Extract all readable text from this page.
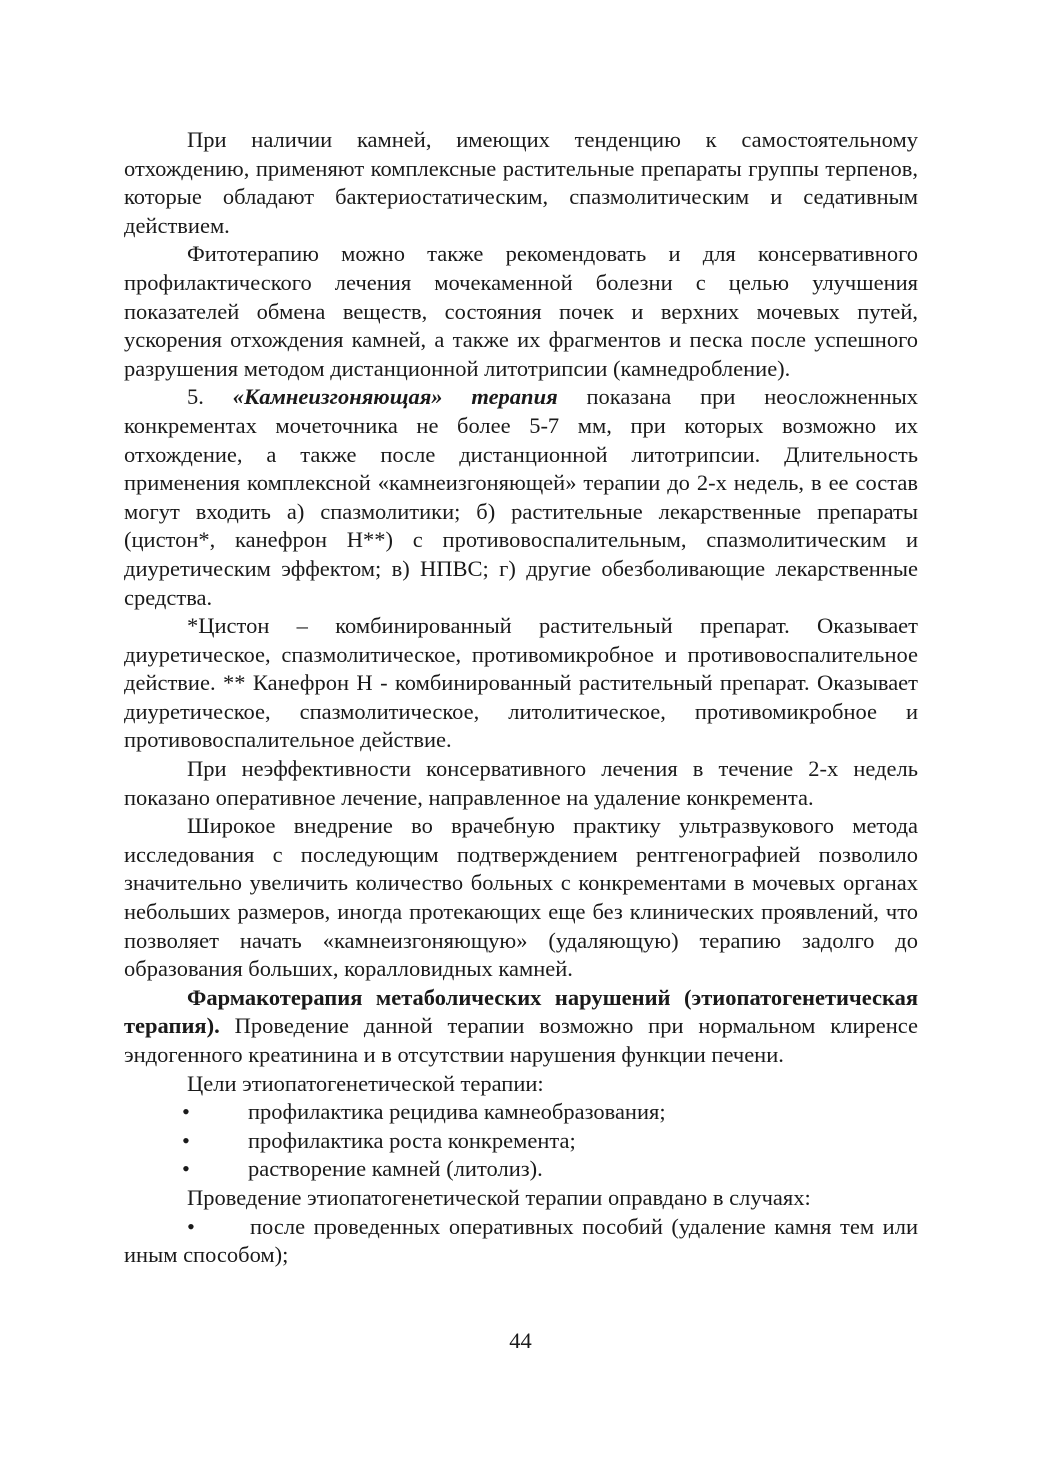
При наличии камней, имеющих тенденцию к самостоятельному отхождению, применяют комплексные растительные препараты группы терпенов, которые обладают бактериостатическим, спазмолитическим и седативным действием.

Фитотерапию можно также рекомендовать и для консервативного профилактического лечения мочекаменной болезни с целью улучшения показателей обмена веществ, состояния почек и верхних мочевых путей, ускорения отхождения камней, а также их фрагментов и песка после успешного разрушения методом дистанционной литотрипсии (камнедробление).

5. «Камнеизгоняющая» терапия показана при неосложненных конкрементах мочеточника не более 5-7 мм, при которых возможно их отхождение, а также после дистанционной литотрипсии. Длительность применения комплексной «камнеизгоняющей» терапии до 2-х недель, в ее состав могут входить а) спазмолитики; б) растительные лекарственные препараты (цистон*, канефрон Н**) с противовоспалительным, спазмолитическим и диуретическим эффектом; в) НПВС; г) другие обезболивающие лекарственные средства.

*Цистон – комбинированный растительный препарат. Оказывает диуретическое, спазмолитическое, противомикробное и противовоспалительное действие. ** Канефрон Н - комбинированный растительный препарат. Оказывает диуретическое, спазмолитическое, литолитическое, противомикробное и противовоспалительное действие.

При неэффективности консервативного лечения в течение 2-х недель показано оперативное лечение, направленное на удаление конкремента.

Широкое внедрение во врачебную практику ультразвукового метода исследования с последующим подтверждением рентгенографией позволило значительно увеличить количество больных с конкрементами в мочевых органах небольших размеров, иногда протекающих еще без клинических проявлений, что позволяет начать «камнеизгоняющую» (удаляющую) терапию задолго до образования больших, коралловидных камней.

Фармакотерапия метаболических нарушений (этиопатогенетическая терапия). Проведение данной терапии возможно при нормальном клиренсе эндогенного креатинина и в отсутствии нарушения функции печени.

Цели этиопатогенетической терапии:

•	профилактика рецидива камнеобразования;

•	профилактика роста конкремента;

•	растворение камней (литолиз).

Проведение этиопатогенетической терапии оправдано в случаях:

• после проведенных оперативных пособий (удаление камня тем или иным способом);

44
